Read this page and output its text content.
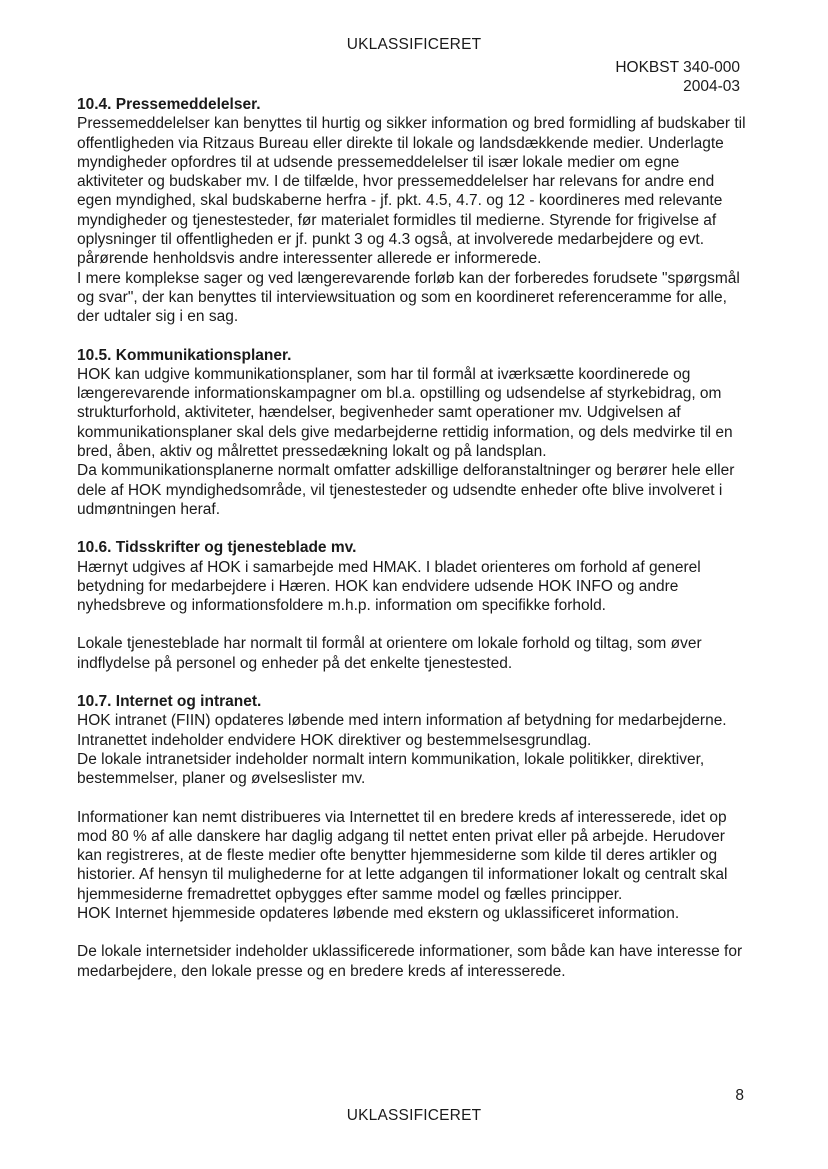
UKLASSIFICERET
HOKBST 340-000
2004-03
10.4. Pressemeddelelser.

Pressemeddelelser kan benyttes til hurtig og sikker information og bred formidling af budskaber til offentligheden via Ritzaus Bureau eller direkte til lokale og landsdækkende medier. Underlagte myndigheder opfordres til at udsende pressemeddelelser til især lokale medier om egne aktiviteter og budskaber mv. I de tilfælde, hvor pressemeddelelser har relevans for andre end egen myndighed, skal budskaberne herfra - jf. pkt. 4.5, 4.7. og 12 - koordineres med relevante myndigheder og tjenestesteder, før materialet formidles til medierne. Styrende for frigivelse af oplysninger til offentligheden er jf. punkt 3 og 4.3 også, at involverede medarbejdere og evt. pårørende henholdsvis andre interessenter allerede er informerede.

I mere komplekse sager og ved længerevarende forløb kan der forberedes forudsete "spørgsmål og svar", der kan benyttes til interviewsituation og som en koordineret referenceramme for alle, der udtaler sig i en sag.

10.5. Kommunikationsplaner.

HOK kan udgive kommunikationsplaner, som har til formål at iværksætte koordinerede og længerevarende informationskampagner om bl.a. opstilling og udsendelse af styrkebidrag, om strukturforhold, aktiviteter, hændelser, begivenheder samt operationer mv. Udgivelsen af kommunikationsplaner skal dels give medarbejderne rettidig information, og dels medvirke til en bred, åben, aktiv og målrettet pressedækning lokalt og på landsplan.

Da kommunikationsplanerne normalt omfatter adskillige delforanstaltninger og berører hele eller dele af HOK myndighedsområde, vil tjenestesteder og udsendte enheder ofte blive involveret i udmøntningen heraf.

10.6. Tidsskrifter og tjenesteblade mv.

Hærnyt udgives af HOK i samarbejde med HMAK. I bladet orienteres om forhold af generel betydning for medarbejdere i Hæren. HOK kan endvidere udsende HOK INFO og andre nyhedsbreve og informationsfoldere m.h.p. information om specifikke forhold.

Lokale tjenesteblade har normalt til formål at orientere om lokale forhold og tiltag, som øver indflydelse på personel og enheder på det enkelte tjenestested.

10.7. Internet og intranet.

HOK intranet (FIIN) opdateres løbende med intern information af betydning for medarbejderne. Intranettet indeholder endvidere HOK direktiver og bestemmelsesgrundlag.

De lokale intranetsider indeholder normalt intern kommunikation, lokale politikker, direktiver, bestemmelser, planer og øvelseslister mv.

Informationer kan nemt distribueres via Internettet til en bredere kreds af interesserede, idet op mod 80 % af alle danskere har daglig adgang til nettet enten privat eller på arbejde. Herudover kan registreres, at de fleste medier ofte benytter hjemmesiderne som kilde til deres artikler og historier. Af hensyn til mulighederne for at lette adgangen til informationer lokalt og centralt skal hjemmesiderne fremadrettet opbygges efter samme model og fælles principper.

HOK Internet hjemmeside opdateres løbende med ekstern og uklassificeret information.

De lokale internetsider indeholder uklassificerede informationer, som både kan have interesse for medarbejdere, den lokale presse og en bredere kreds af interesserede.

8
UKLASSIFICERET
